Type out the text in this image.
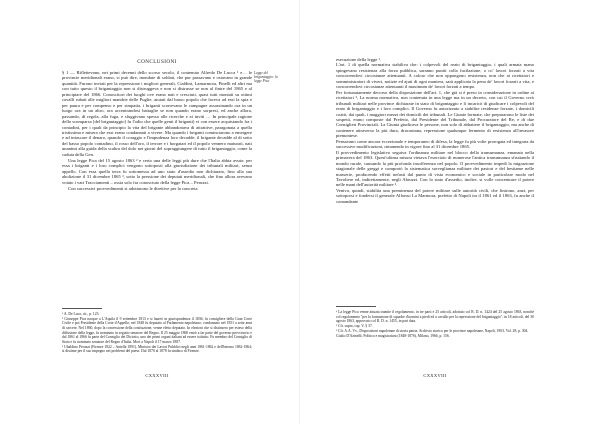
CONCLUSIONI
Legge del brigantaggio: la legge Pica

§ 1 — Riflettevano, nei primi decenni dello scorso secolo, il contenuto Alfredo De Lucca ¹ e… le provincie meridionali erano, si può dire, inondate di soldati, che pur passavano e ostavano in grande quantità. Furono inviati per la repressione i migliori generali, Cialdini, Lamarmora, Pinelli ed altri ma con tutto questo il brigantaggio non si distruggeva e non si distrusse se non al finire del 1865 e al principiare del 1866. Conoscitori dei luoghi ove erano nati e cresciuti, quasi tutti montati su ottimi cavalli rubati alle migliori mandrie delle Puglie, aiutati dal basso popolo che faceva ad essi la spia e per paura e per compenso e per simpatia, i briganti scorrevano le campagne assassinando ora in un luogo ora in un altro, ora accentrandosi battaglie se non quando erano sorpresi, ed anche allora, passando, di regola, alla fuga, e sfuggivano spesso alle ricerche e ai inviti … In principale ragione della scomparsa [del brigantaggio] fu l'odio che quelle genti il briganti) vi con essere acquistando fra i contadini, per i quali da principio la vita del brigante abbandonava di attrattive, paragonata a quella tristissima e misera che essi erano condannati a vivere. Ma quando i briganti cominciarono a emergere e ad intascare il denaro, quando il coraggio e l'impudenza loro decadde, il brigante decadde al di sotto del basso popolo contadino, il rosso dell'oro, il terrore e i borgatari ed il popolo vennero maturati, nati unanimi alla guida della scaltra del dolo nei giorni del sopraggiungere di tutto il brigantaggio, come la caduta della Gen.

Una legge Pica del 15 agosto 1863 ² e certo una delle leggi più dure che l'Italia abbia avuto: per essa i briganti e i loro complici vengono sottoposti alla giurisdizione dei tribunali militari, senza appello. Con essa quella terra fu sottomessa ad uno stato d'assedio non dichiarato, fino alla sua abolizione il 31 dicembre 1865 ³, sotto la pressione dei deputati meridionali, che fino allora avevano votato i vari Tracciamenti – ossia solo fra conosciuto della legge Pica – Peruzzi.

Con successivi provvedimenti si adottarono le direttive per la concreta

¹ A. De Luca, cit., p. 123.

² Giuseppe Pica nacque a L'Aquila il 9 settembre 1813 e si laureò in giurisprudenza il 1836; fu consigliere della Gran Corte Civile e poi Presidente della Corte d'Appello; nel 1848 fu deputato al Parlamento napoletano; condannato nel 1851 a sette anni di carcere. Nel 1860, dopo la concessione della costituzione, venne eletto deputato. In elezioni che si distinsero per esteso della diffusione della legge, fu nominato in seguito senatore del Regno. Il 25 maggio 1860 entrò a far parte del governo provvisorio e dal 1861 al 1866 fu parte del Consiglio dei Diciotto, uno dei primi organi italiani ad essere istituito. Fu membro del Consiglio di Stato e fu nominato senatore del Regno d'Italia. Morì a Napoli il 17 marzo 1887.

³ Ubaldino Peruzzi (Firenze 1822 – Antella 1891), Ministro dei Lavori Pubblici negli anni 1861-1862 e dell'Interno 1862-1864; si distinse per il suo impegno nei problemi del paese. Dal 1870 al 1878 fu sindaco di Firenze.

CXXXVIII

esecuzione della legge ¹.

L'art. 1 di quella normativa stabiliva che: i colpevoli del reato di brigantaggio, i quali armata mano spingevano resistenza alla forza pubblica, saranno puniti colla fucilazione, o co' lavori forzati a vita concorrendovi circostanze attenuanti. A coloro che non oppongono resistenza, non che ai ricettatori e somministratori di viveri, notizie ed ajuti di ogni maniera, sarà applicata la pena de' lavori forzati a vita, e concorrendovi circostanze attenuanti il maximum de' lavori forzati a tempo.

Per fortunatamente decorso della disposizione dell'art. 1, che già si è preso in considerazione in ordine ai ricettatori ², La norma normativa, non contenuta in una legge ma in un decreto, con cui il Governo creò tribunali militari nelle province dichiarate in stato di brigantaggio e li incaricò di giudicare i colpevoli del reato di brigantaggio e i loro complici. Il Governo fu autorizzato a stabilire residenze forzate, i domicili coatti, dai quali, i maggiori mezzi dei domicili dei tribunali. Le Giunte formate, che prepararono le liste dei sospetti, erano composte dal Prefetto, dal Presidente del Tribunale, dal Procuratore del Re, e di due Consiglieri Provinciali. La Giunta giudicava le persone, non solo di abbattere il brigantaggio, ma anche di contenere attraverso la più dura, draconiana, repressione qualunque fermento di resistenza all'invasore piemontese.

Pensavano come ancora eccezionale e temporaneo di difesa, la legge fu più volte prorogata ed integrata da successive modificazioni, rimanendo in vigore fino al 31 dicembre 1865.

Il provvedimento legislativo seguiva l'ordinanza militare nel blocco della transumanza, emanata nella primavera del 1863. Quest'ultima misura vietava l'esercizio di numerose l'antica transumanza sfruttando il mondo rurale, causando la più profonda insofferenza nel popolo. Il provvedimento impedì la migrazione stagionale delle greggi e comportò la sistematica sorveglianza militare dei pastori e del bestiame nelle masserie, producendo effetti nefasti dal punto di vista economico e sociale in particolare modo nel Tavoliere ed, indirettamente, negli Abruzzi. Con lo stato d'assedio, inoltre, si volle concentrare il potere nelle mani dell'autorità militare ³.

Veniva, quindi, stabilita una preminenza del potere militare sulle autorità civili, che finirono, anzi, per sottoporsi e fondersi il generale Alfonso La Marmora, prefetto di Napoli tra il 1861 ed il 1863, fu anche il comandante

¹ La legge Pica venne attuata tramite il regolamento, in tre parti e 25 articoli, adottato col R. D. n. 1424 del 25 agosto 1863, nonché col regolamento "per la formazione di squadre d'uomini a piedi ed a cavallo per la repressione del brigantaggio", in 18 articoli, del 30 agosto 1863, approvato col R. D. n. 1455, in pari data.

² Cfr. supra, cap. V, § 37.

³ Cfr. A.A. Vv., Disposizioni napoletane di storia patria, Archivio storico per le province napoletane, Napoli, 1903, Vol. 28, p. 304.

Giulio D'Azinelli, Politica e magistratura (1848-1876), Milano, 1966, p. 156.

CXXXVIII
